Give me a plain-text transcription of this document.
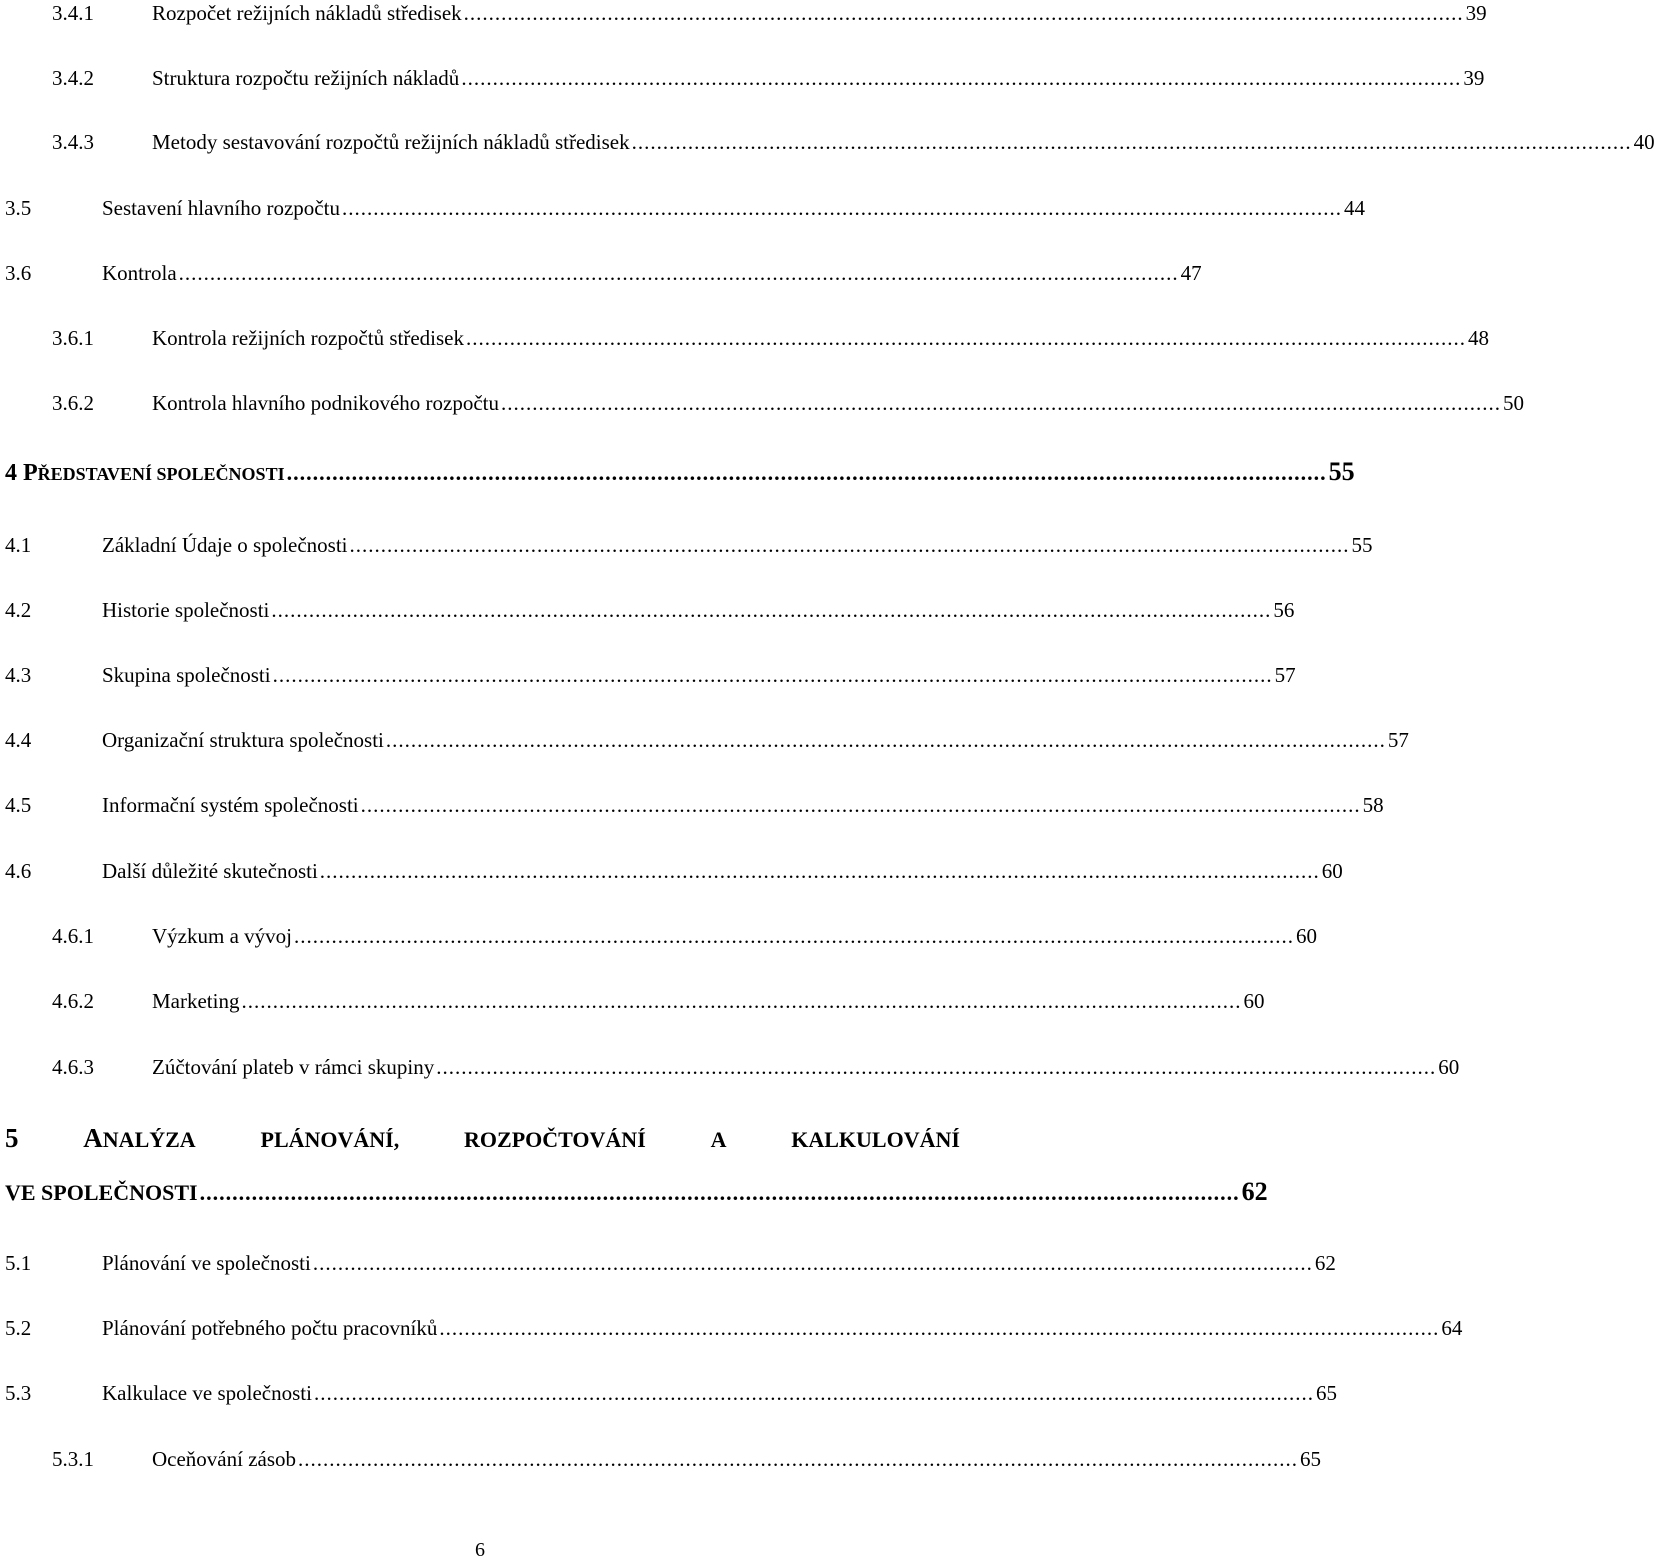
3.4.1	Rozpočet režijních nákladů středisek ................................................................................................................................................................ 39
3.4.2	Struktura rozpočtu režijních nákladů ................................................................................................................................................................ 39
3.4.3	Metody sestavování rozpočtů režijních nákladů středisek ................................................................................................................................................................ 40
3.5	Sestavení hlavního rozpočtu ................................................................................................................................................................ 44
3.6	Kontrola ................................................................................................................................................................ 47
3.6.1	Kontrola režijních rozpočtů středisek ................................................................................................................................................................ 48
3.6.2	Kontrola hlavního podnikového rozpočtu ................................................................................................................................................................ 50
4 PŘEDSTAVENÍ SPOLEČNOSTI ................................................................................................................................................................ 55
4.1	Základní Údaje o společnosti ................................................................................................................................................................ 55
4.2	Historie společnosti ................................................................................................................................................................ 56
4.3	Skupina společnosti ................................................................................................................................................................ 57
4.4	Organizační struktura společnosti ................................................................................................................................................................ 57
4.5	Informační systém společnosti ................................................................................................................................................................ 58
4.6	Další důležité skutečnosti ................................................................................................................................................................ 60
4.6.1	Výzkum a vývoj ................................................................................................................................................................ 60
4.6.2	Marketing ................................................................................................................................................................ 60
4.6.3	Zúčtování plateb v rámci skupiny ................................................................................................................................................................ 60
5 ANALÝZA	PLÁNOVÁNÍ,	ROZPOČTOVÁNÍ	A	KALKULOVÁNÍ
VE SPOLEČNOSTI ................................................................................................................................................................ 62
5.1	Plánování ve společnosti ................................................................................................................................................................ 62
5.2	Plánování potřebného počtu pracovníků ................................................................................................................................................................ 64
5.3	Kalkulace ve společnosti ................................................................................................................................................................ 65
5.3.1	Oceňování zásob ................................................................................................................................................................ 65
6
